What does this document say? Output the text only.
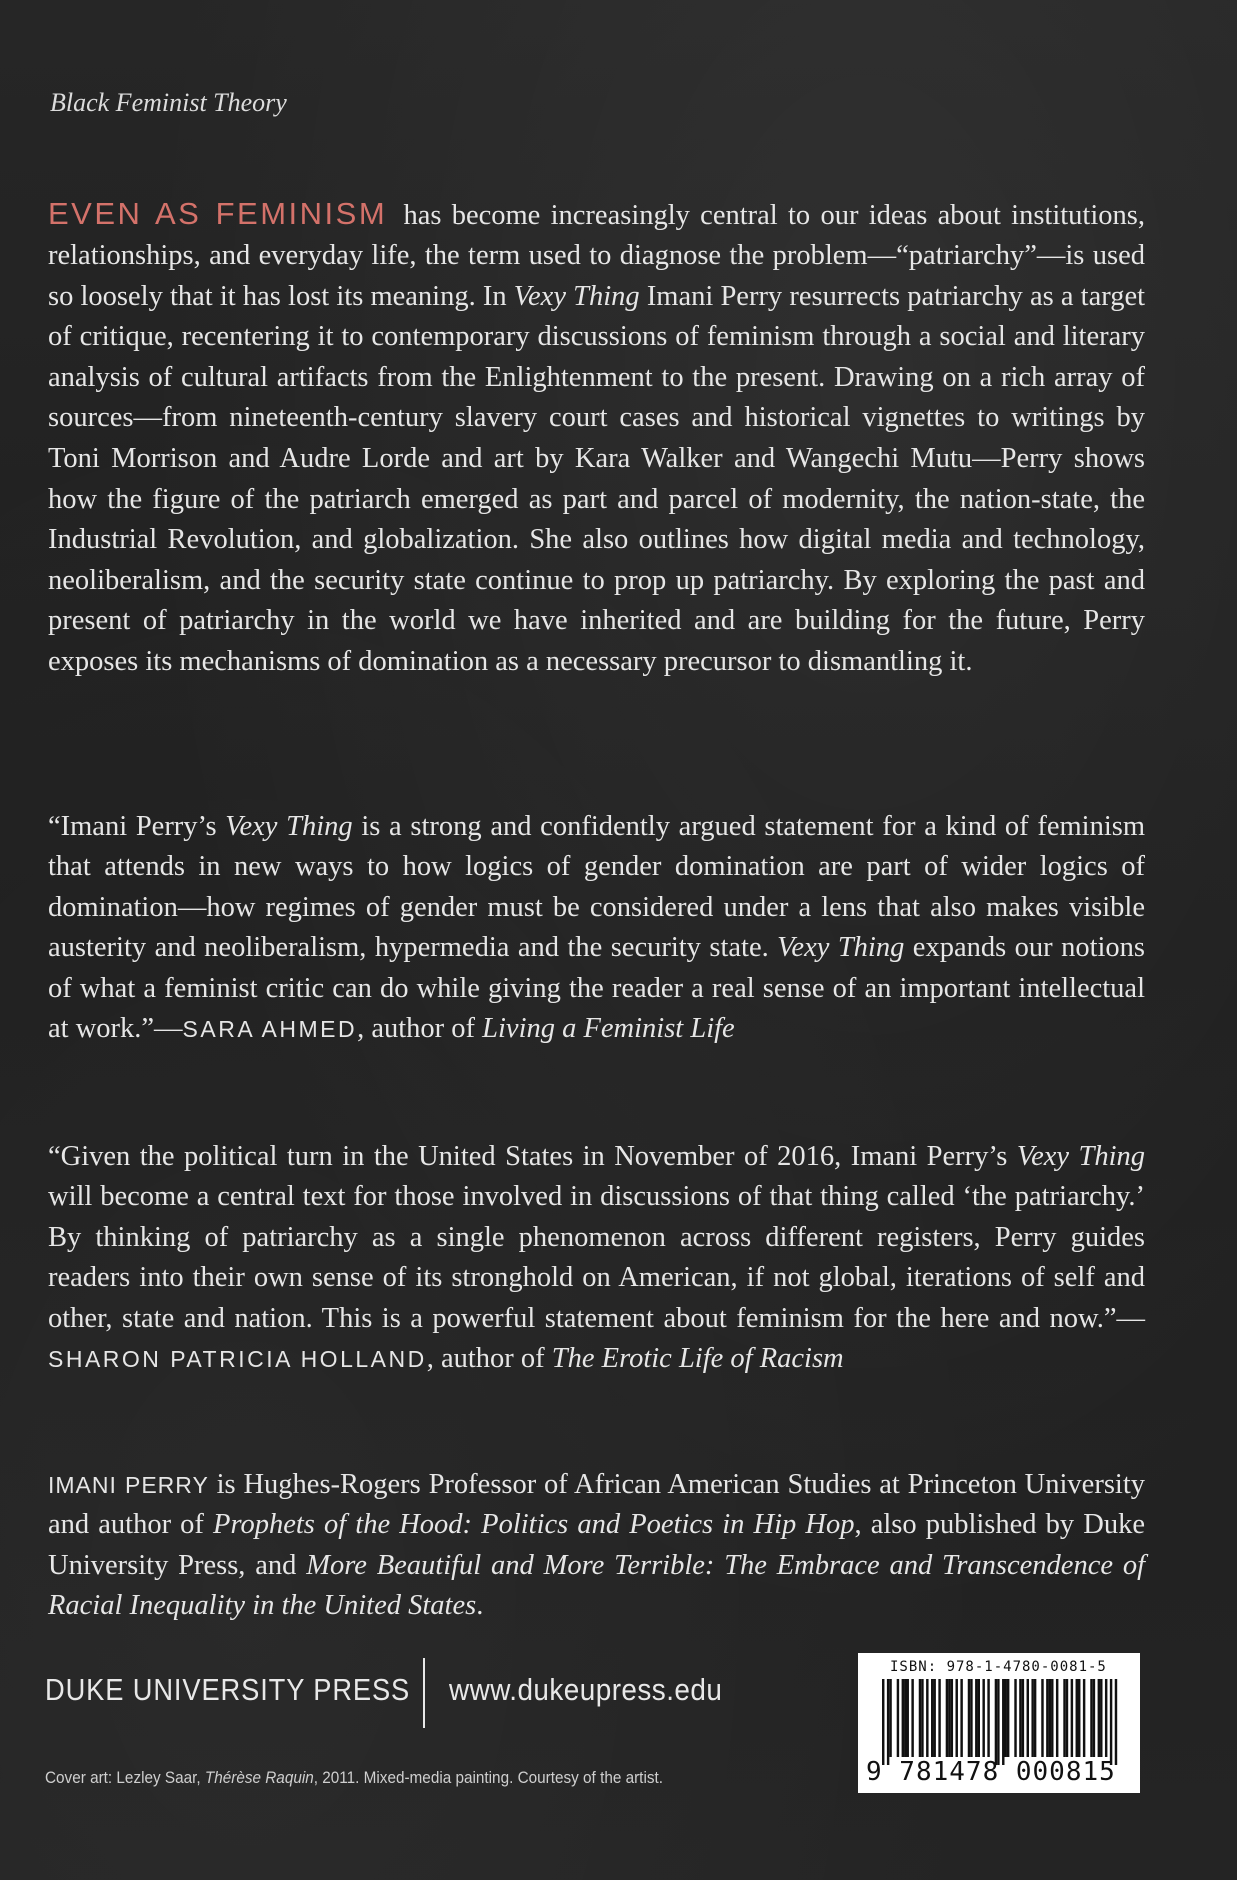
Black Feminist Theory

EVEN AS FEMINISM has become increasingly central to our ideas about institutions, relationships, and everyday life, the term used to diagnose the problem—“patriarchy”—is used so loosely that it has lost its meaning. In Vexy Thing Imani Perry resurrects patriarchy as a target of critique, recentering it to contemporary discussions of feminism through a social and literary analysis of cultural artifacts from the Enlightenment to the present. Drawing on a rich array of sources—from nineteenth-century slavery court cases and historical vignettes to writings by Toni Morrison and Audre Lorde and art by Kara Walker and Wangechi Mutu—Perry shows how the figure of the patriarch emerged as part and parcel of modernity, the nation-state, the Industrial Revolution, and globalization. She also outlines how digital media and technology, neoliberalism, and the security state continue to prop up patriarchy. By exploring the past and present of patriarchy in the world we have inherited and are building for the future, Perry exposes its mechanisms of domination as a necessary precursor to dismantling it.

“Imani Perry’s Vexy Thing is a strong and confidently argued statement for a kind of feminism that attends in new ways to how logics of gender domination are part of wider logics of domination—how regimes of gender must be considered under a lens that also makes visible austerity and neoliberalism, hypermedia and the security state. Vexy Thing expands our notions of what a feminist critic can do while giving the reader a real sense of an important intellectual at work.”—SARA AHMED, author of Living a Feminist Life

“Given the political turn in the United States in November of 2016, Imani Perry’s Vexy Thing will become a central text for those involved in discussions of that thing called ‘the patriarchy.’ By thinking of patriarchy as a single phenomenon across different registers, Perry guides readers into their own sense of its stronghold on American, if not global, iterations of self and other, state and nation. This is a powerful statement about feminism for the here and now.”—SHARON PATRICIA HOLLAND, author of The Erotic Life of Racism

IMANI PERRY is Hughes-Rogers Professor of African American Studies at Princeton University and author of Prophets of the Hood: Politics and Poetics in Hip Hop, also published by Duke University Press, and More Beautiful and More Terrible: The Embrace and Transcendence of Racial Inequality in the United States.

DUKE UNIVERSITY PRESS www.dukeupress.edu
Cover art: Lezley Saar, Thérèse Raquin, 2011. Mixed-media painting. Courtesy of the artist.
ISBN: 978-1-4780-0081-5
9 781478 000815
